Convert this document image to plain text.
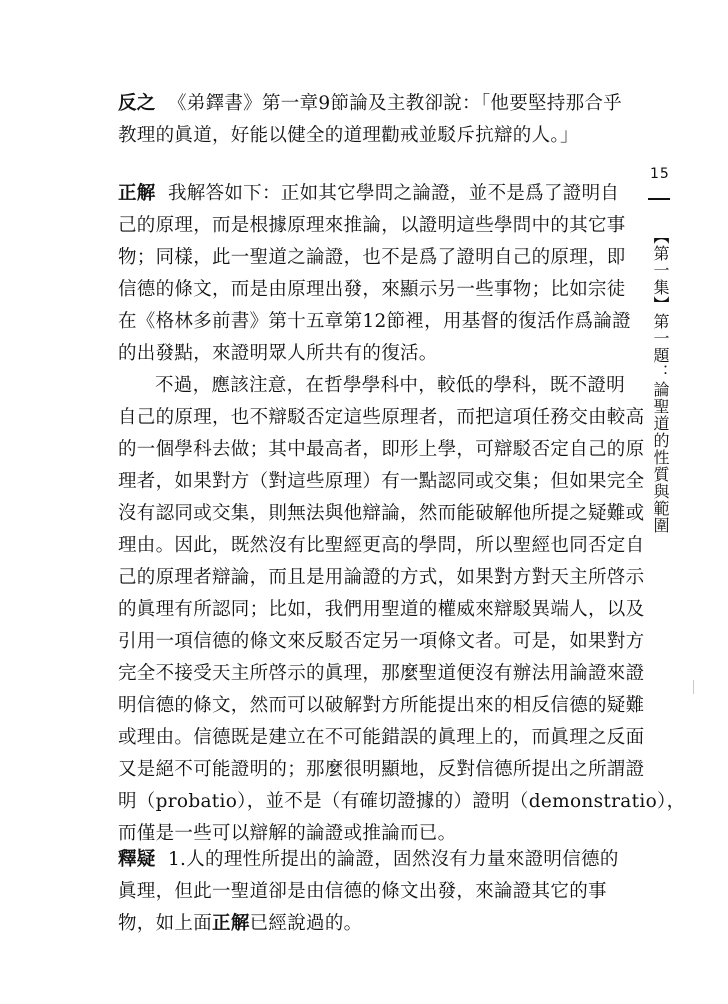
反之 《弟鐸書》第一章9節論及主教卻說：「他要堅持那合乎
教理的眞道，好能以健全的道理勸戒並駁斥抗辯的人。」
正解 我解答如下：正如其它學問之論證，並不是爲了證明自
己的原理，而是根據原理來推論，以證明這些學問中的其它事
物；同樣，此一聖道之論證，也不是爲了證明自己的原理，即
信德的條文，而是由原理出發，來顯示另一些事物；比如宗徒
在《格林多前書》第十五章第12節裡，用基督的復活作爲論證
的出發點，來證明眾人所共有的復活。
不過，應該注意，在哲學學科中，較低的學科，既不證明
自己的原理，也不辯駁否定這些原理者，而把這項任務交由較高
的一個學科去做；其中最高者，即形上學，可辯駁否定自己的原
理者，如果對方（對這些原理）有一點認同或交集；但如果完全
沒有認同或交集，則無法與他辯論，然而能破解他所提之疑難或
理由。因此，既然沒有比聖經更高的學問，所以聖經也同否定自
己的原理者辯論，而且是用論證的方式，如果對方對天主所啓示
的眞理有所認同；比如，我們用聖道的權威來辯駁異端人，以及
引用一項信德的條文來反駁否定另一項條文者。可是，如果對方
完全不接受天主所啓示的眞理，那麼聖道便沒有辦法用論證來證
明信德的條文，然而可以破解對方所能提出來的相反信德的疑難
或理由。信德既是建立在不可能錯誤的眞理上的，而眞理之反面
又是絕不可能證明的；那麼很明顯地，反對信德所提出之所謂證
明（probatio），並不是（有確切證據的）證明（demonstratio），
而僅是一些可以辯解的論證或推論而已。
釋疑 1.人的理性所提出的論證，固然沒有力量來證明信德的
眞理，但此一聖道卻是由信德的條文出發，來論證其它的事
物，如上面正解已經說過的。
15
【第一集】第一題：論聖道的性質與範圍
